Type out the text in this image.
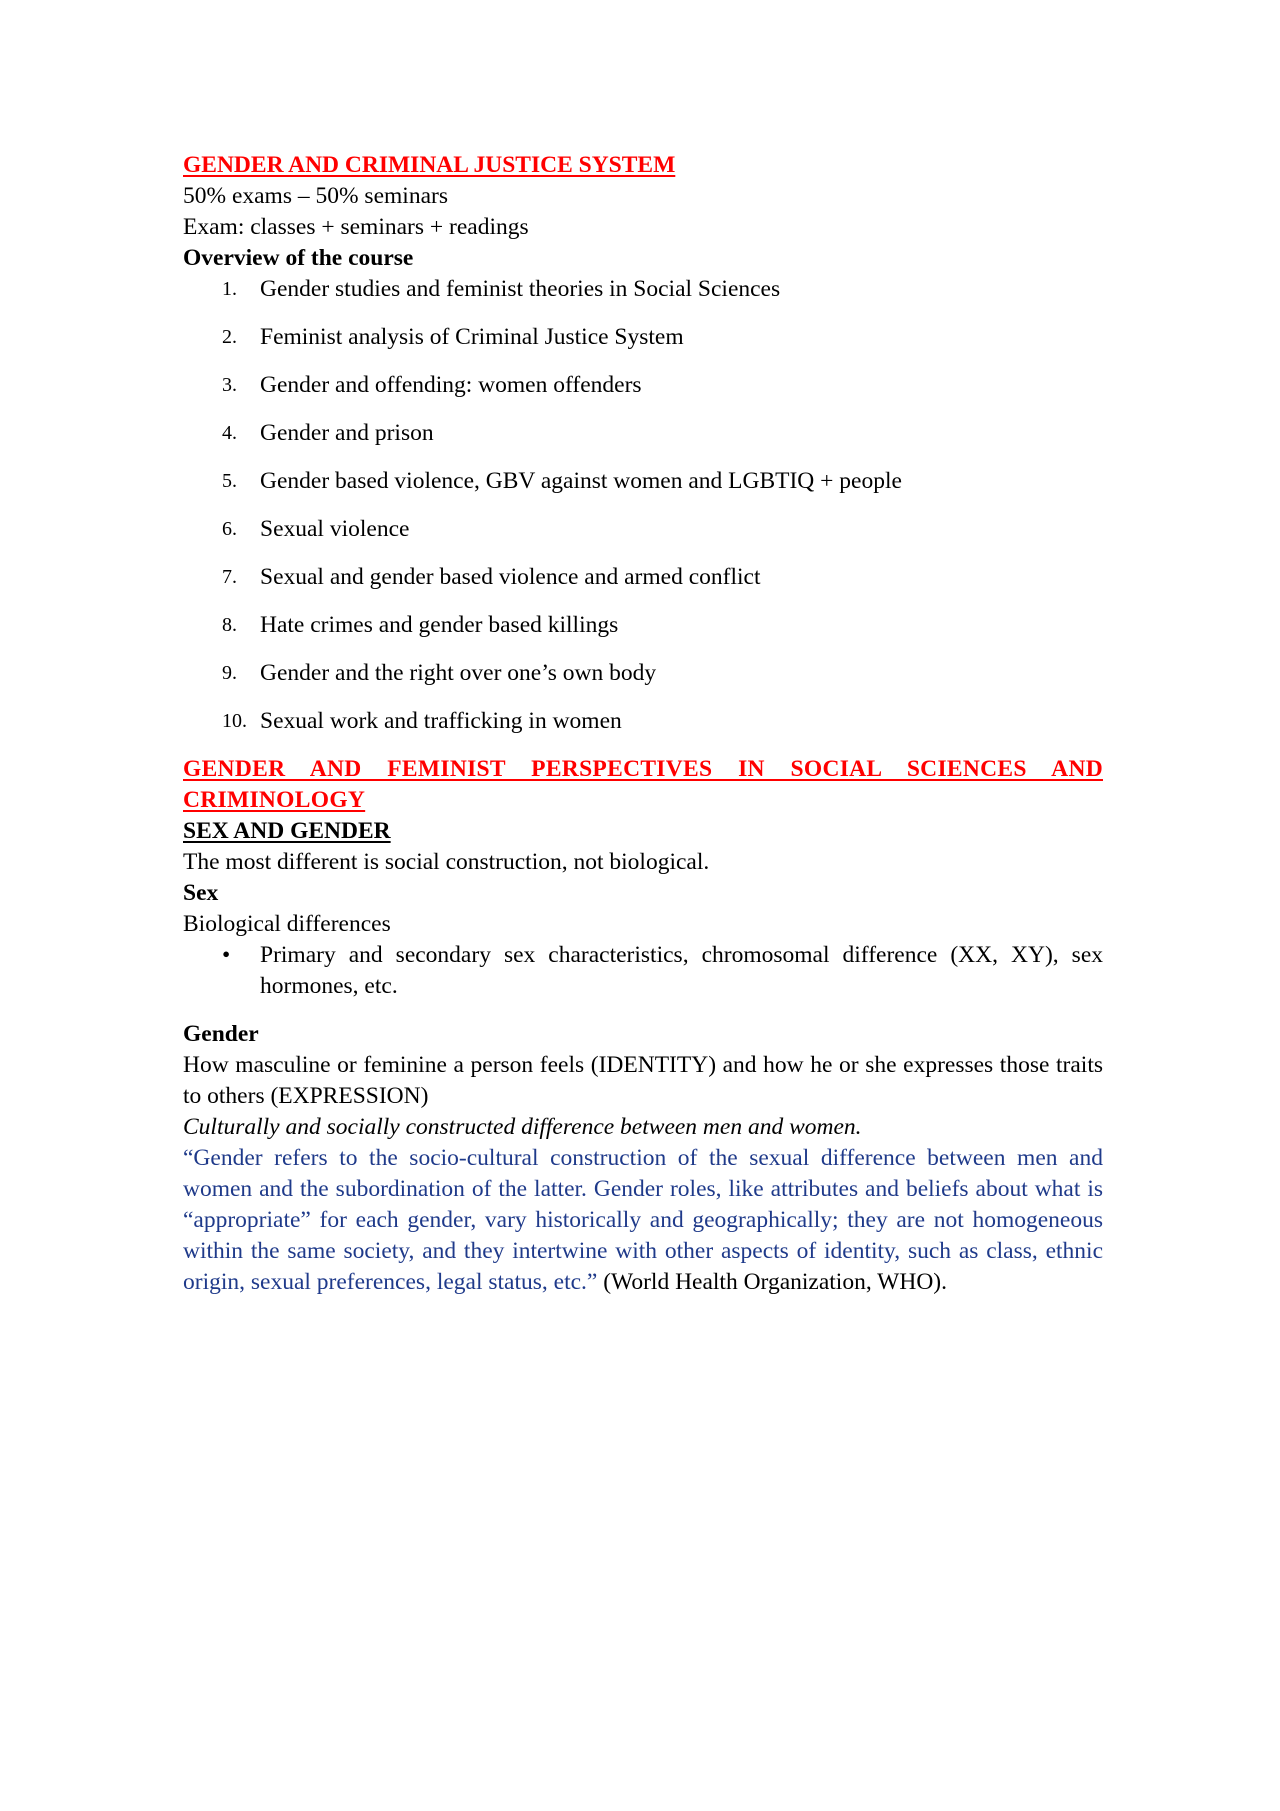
GENDER AND CRIMINAL JUSTICE SYSTEM

50% exams – 50% seminars

Exam: classes + seminars + readings

Overview of the course

1. Gender studies and feminist theories in Social Sciences
2. Feminist analysis of Criminal Justice System
3. Gender and offending: women offenders
4. Gender and prison
5. Gender based violence, GBV against women and LGBTIQ + people
6. Sexual violence
7. Sexual and gender based violence and armed conflict
8. Hate crimes and gender based killings
9. Gender and the right over one’s own body
10. Sexual work and trafficking in women

GENDER AND FEMINIST PERSPECTIVES IN SOCIAL SCIENCES AND CRIMINOLOGY

SEX AND GENDER

The most different is social construction, not biological.

Sex

Biological differences

•	Primary and secondary sex characteristics, chromosomal difference (XX, XY), sex hormones, etc.

Gender

How masculine or feminine a person feels (IDENTITY) and how he or she expresses those traits to others (EXPRESSION)

Culturally and socially constructed difference between men and women.

“Gender refers to the socio-cultural construction of the sexual difference between men and women and the subordination of the latter. Gender roles, like attributes and beliefs about what is “appropriate” for each gender, vary historically and geographically; they are not homogeneous within the same society, and they intertwine with other aspects of identity, such as class, ethnic origin, sexual preferences, legal status, etc.” (World Health Organization, WHO).
